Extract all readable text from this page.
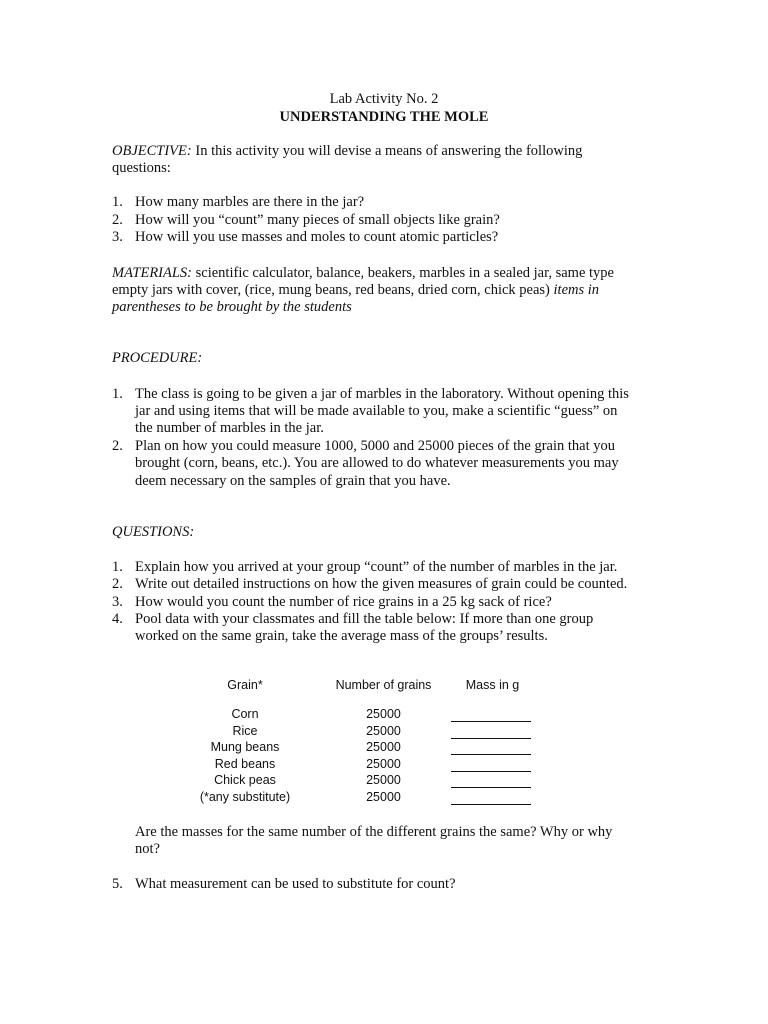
Lab Activity No. 2
UNDERSTANDING THE MOLE
OBJECTIVE: In this activity you will devise a means of answering the following
questions:
1. How many marbles are there in the jar?
2. How will you “count” many pieces of small objects like grain?
3. How will you use masses and moles to count atomic particles?
MATERIALS: scientific calculator, balance, beakers, marbles in a sealed jar, same type
empty jars with cover, (rice, mung beans, red beans, dried corn, chick peas) items in
parentheses to be brought by the students
PROCEDURE:
1. The class is going to be given a jar of marbles in the laboratory. Without opening this
jar and using items that will be made available to you, make a scientific “guess” on
the number of marbles in the jar.
2. Plan on how you could measure 1000, 5000 and 25000 pieces of the grain that you
brought (corn, beans, etc.). You are allowed to do whatever measurements you may
deem necessary on the samples of grain that you have.
QUESTIONS:
1. Explain how you arrived at your group “count” of the number of marbles in the jar.
2. Write out detailed instructions on how the given measures of grain could be counted.
3. How would you count the number of rice grains in a 25 kg sack of rice?
4. Pool data with your classmates and fill the table below: If more than one group
worked on the same grain, take the average mass of the groups’ results.
Grain*	Number of grains	Mass in g
Corn	25000
Rice	25000
Mung beans	25000
Red beans	25000
Chick peas	25000
(*any substitute)	25000
Are the masses for the same number of the different grains the same? Why or why
not?
5. What measurement can be used to substitute for count?
